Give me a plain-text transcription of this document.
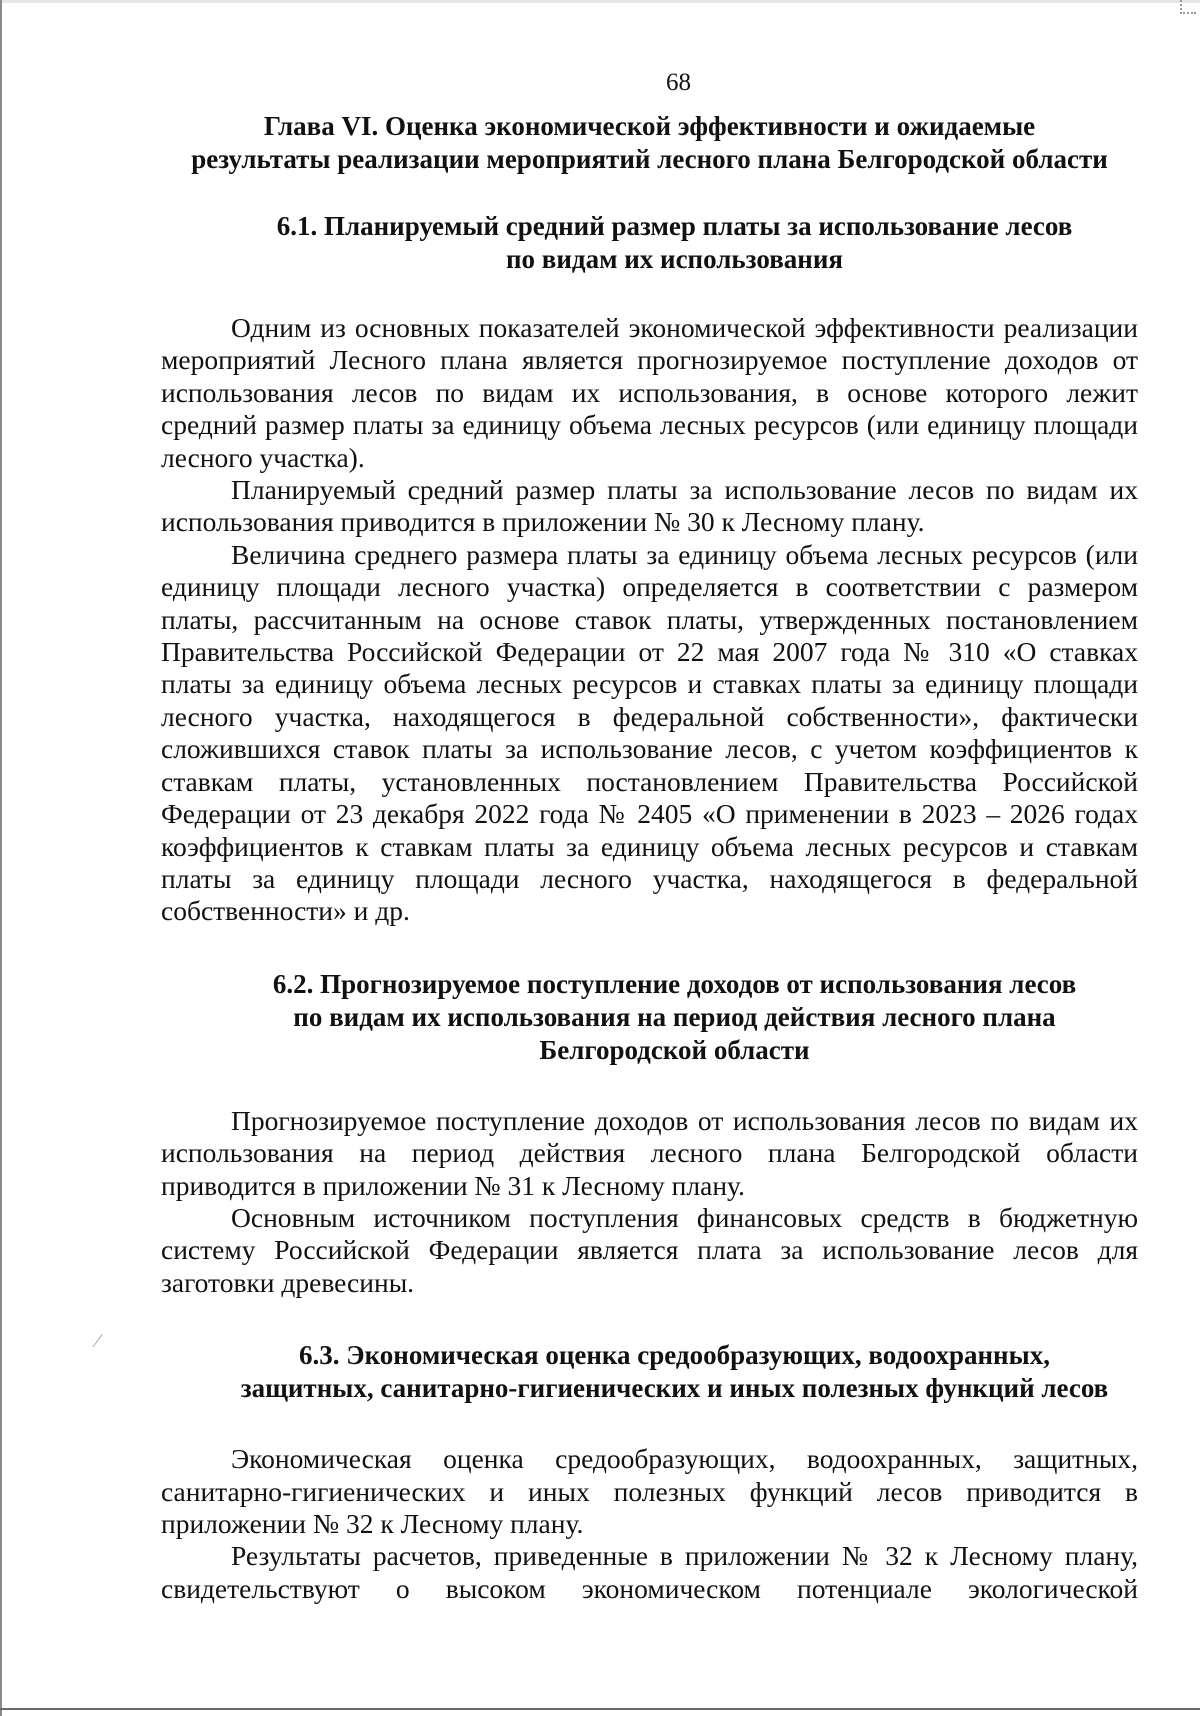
⁄
68
Глава VI. Оценка экономической эффективности и ожидаемые
результаты реализации мероприятий лесного плана Белгородской области
6.1. Планируемый средний размер платы за использование лесов
по видам их использования

Одним из основных показателей экономической эффективности реализации мероприятий Лесного плана является прогнозируемое поступление доходов от использования лесов по видам их использования, в основе которого лежит средний размер платы за единицу объема лесных ресурсов (или единицу площади лесного участка).

Планируемый средний размер платы за использование лесов по видам их использования приводится в приложении № 30 к Лесному плану.

Величина среднего размера платы за единицу объема лесных ресурсов (или единицу площади лесного участка) определяется в соответствии с размером платы, рассчитанным на основе ставок платы, утвержденных постановлением Правительства Российской Федерации от 22 мая 2007 года № 310 «О ставках платы за единицу объема лесных ресурсов и ставках платы за единицу площади лесного участка, находящегося в федеральной собственности», фактически сложившихся ставок платы за использование лесов, с учетом коэффициентов к ставкам платы, установленных постановлением Правительства Российской Федерации от 23 декабря 2022 года № 2405 «О применении в 2023 – 2026 годах коэффициентов к ставкам платы за единицу объема лесных ресурсов и ставкам платы за единицу площади лесного участка, находящегося в федеральной собственности» и др.

6.2. Прогнозируемое поступление доходов от использования лесов
по видам их использования на период действия лесного плана
Белгородской области

Прогнозируемое поступление доходов от использования лесов по видам их использования на период действия лесного плана Белгородской области приводится в приложении № 31 к Лесному плану.

Основным источником поступления финансовых средств в бюджетную систему Российской Федерации является плата за использование лесов для заготовки древесины.

6.3. Экономическая оценка средообразующих, водоохранных,
защитных, санитарно-гигиенических и иных полезных функций лесов

Экономическая оценка средообразующих, водоохранных, защитных, санитарно-гигиенических и иных полезных функций лесов приводится в приложении № 32 к Лесному плану.

Результаты расчетов, приведенные в приложении № 32 к Лесному плану, свидетельствуют о высоком экономическом потенциале экологической
